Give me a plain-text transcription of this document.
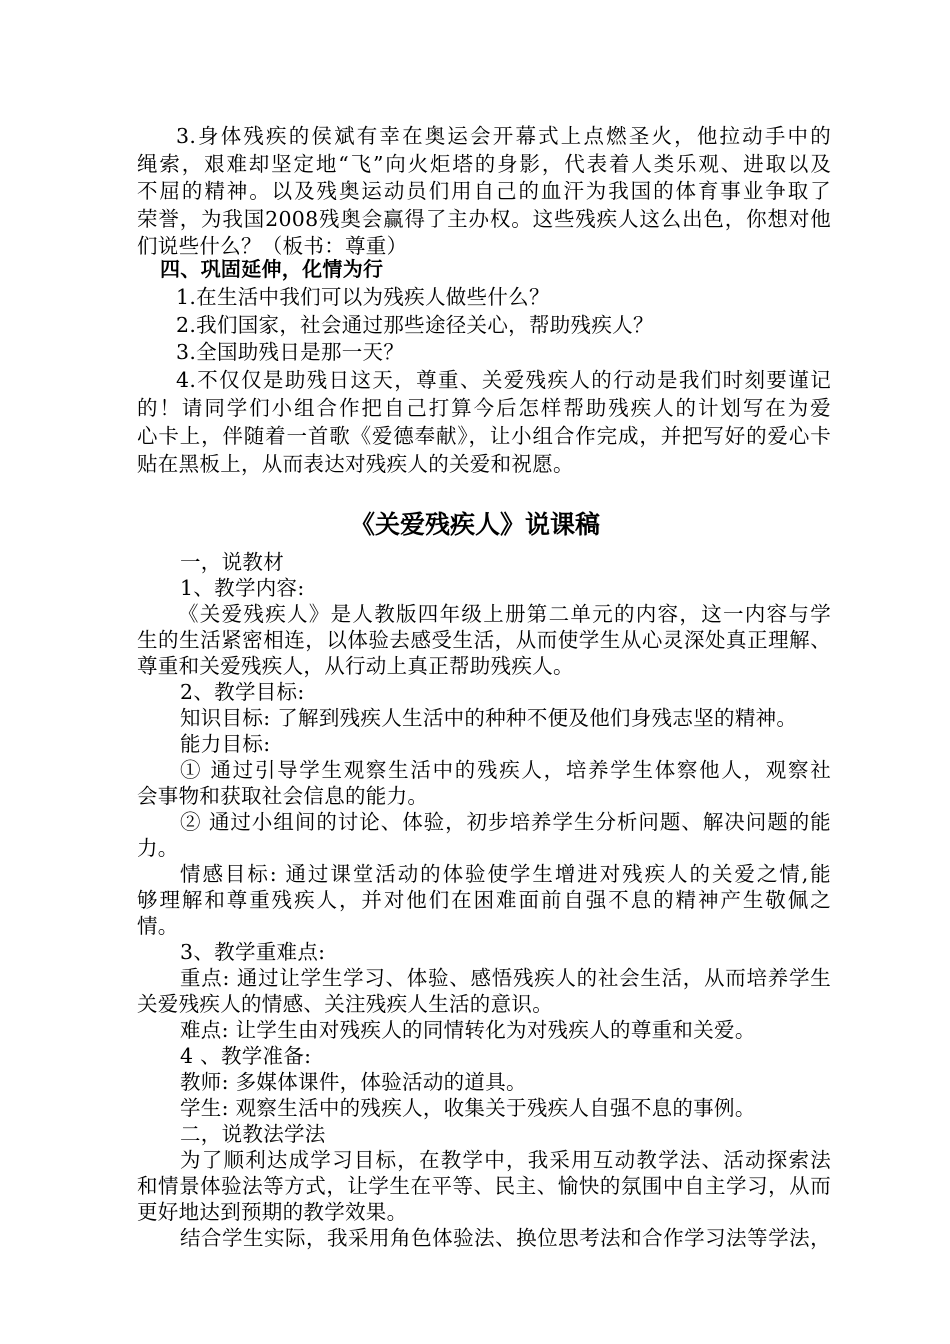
3.身体残疾的侯斌有幸在奥运会开幕式上点燃圣火，他拉动手中的
绳索，艰难却坚定地“飞”向火炬塔的身影，代表着人类乐观、进取以及
不屈的精神。以及残奥运动员们用自己的血汗为我国的体育事业争取了
荣誉，为我国2008残奥会赢得了主办权。这些残疾人这么出色，你想对他
们说些什么？（板书：尊重）
四、巩固延伸，化情为行
1.在生活中我们可以为残疾人做些什么？
2.我们国家，社会通过那些途径关心，帮助残疾人？
3.全国助残日是那一天？
4.不仅仅是助残日这天，尊重、关爱残疾人的行动是我们时刻要谨记
的！请同学们小组合作把自己打算今后怎样帮助残疾人的计划写在为爱
心卡上，伴随着一首歌《爱德奉献》，让小组合作完成，并把写好的爱心卡
贴在黑板上，从而表达对残疾人的关爱和祝愿。
《关爱残疾人》说课稿
一，说教材
1、教学内容:
《关爱残疾人》是人教版四年级上册第二单元的内容，这一内容与学
生的生活紧密相连，以体验去感受生活，从而使学生从心灵深处真正理解、
尊重和关爱残疾人，从行动上真正帮助残疾人。
2、教学目标:
知识目标: 了解到残疾人生活中的种种不便及他们身残志坚的精神。
能力目标:
① 通过引导学生观察生活中的残疾人，培养学生体察他人，观察社
会事物和获取社会信息的能力。
② 通过小组间的讨论、体验，初步培养学生分析问题、解决问题的能
力。
情感目标: 通过课堂活动的体验使学生增进对残疾人的关爱之情,能
够理解和尊重残疾人，并对他们在困难面前自强不息的精神产生敬佩之
情。
3、教学重难点:
重点: 通过让学生学习、体验、感悟残疾人的社会生活，从而培养学生
关爱残疾人的情感、关注残疾人生活的意识。
难点: 让学生由对残疾人的同情转化为对残疾人的尊重和关爱。
4 、教学准备:
教师: 多媒体课件，体验活动的道具。
学生: 观察生活中的残疾人，收集关于残疾人自强不息的事例。
二，说教法学法
为了顺利达成学习目标，在教学中，我采用互动教学法、活动探索法
和情景体验法等方式，让学生在平等、民主、愉快的氛围中自主学习，从而
更好地达到预期的教学效果。
结合学生实际，我采用角色体验法、换位思考法和合作学习法等学法，
